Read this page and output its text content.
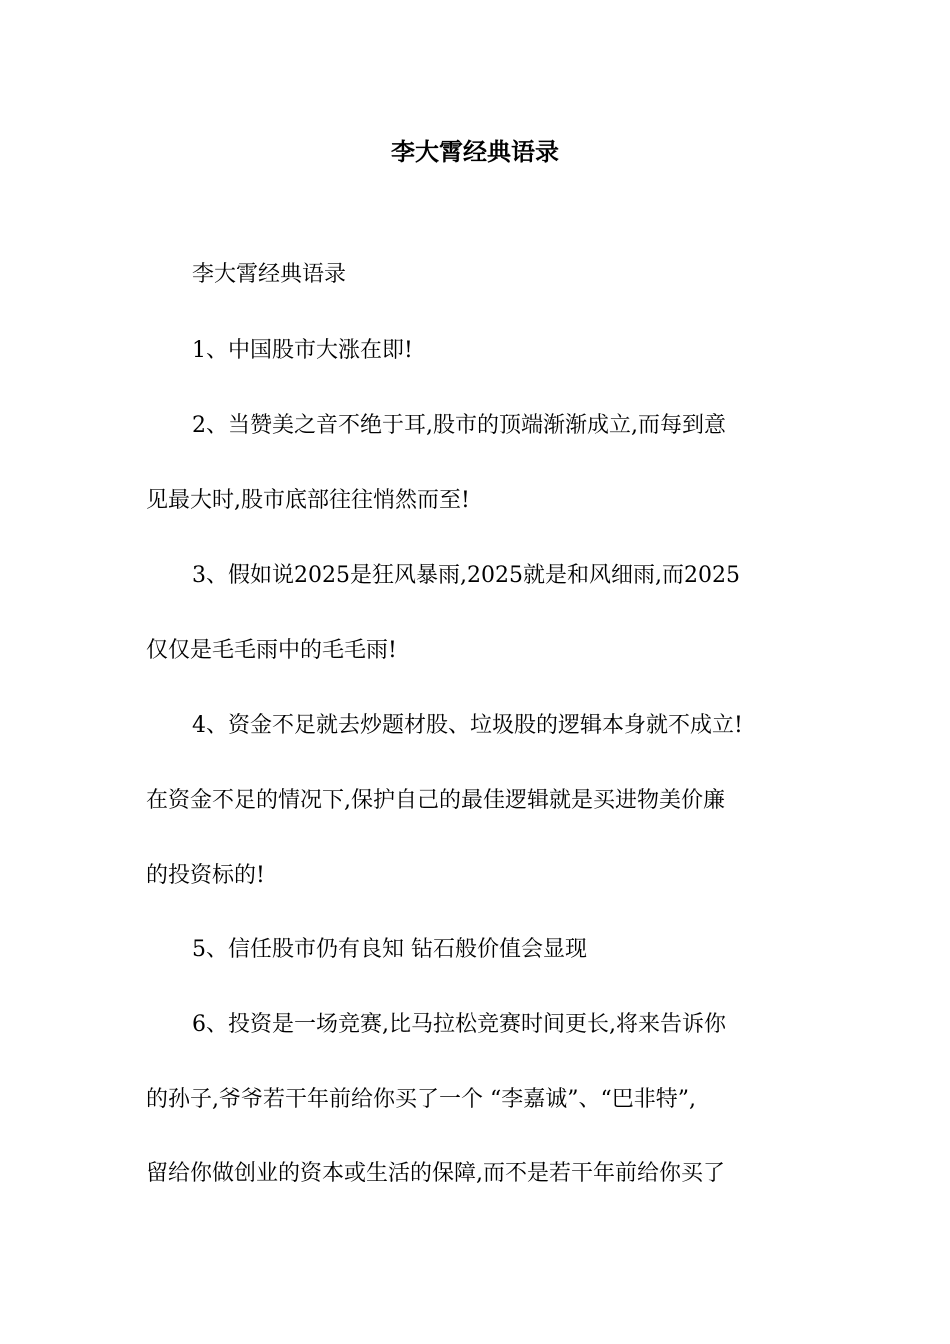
李大霄经典语录

李大霄经典语录

1、中国股市大涨在即!

2、当赞美之音不绝于耳,股市的顶端渐渐成立,而每到意

见最大时,股市底部往往悄然而至!

3、假如说2025是狂风暴雨,2025就是和风细雨,而2025

仅仅是毛毛雨中的毛毛雨!

4、资金不足就去炒题材股、垃圾股的逻辑本身就不成立!

在资金不足的情况下,保护自己的最佳逻辑就是买进物美价廉

的投资标的!

5、信任股市仍有良知 钻石般价值会显现

6、投资是一场竞赛,比马拉松竞赛时间更长,将来告诉你

的孙子,爷爷若干年前给你买了一个 “李嘉诚”、“巴非特”,

留给你做创业的资本或生活的保障,而不是若干年前给你买了
